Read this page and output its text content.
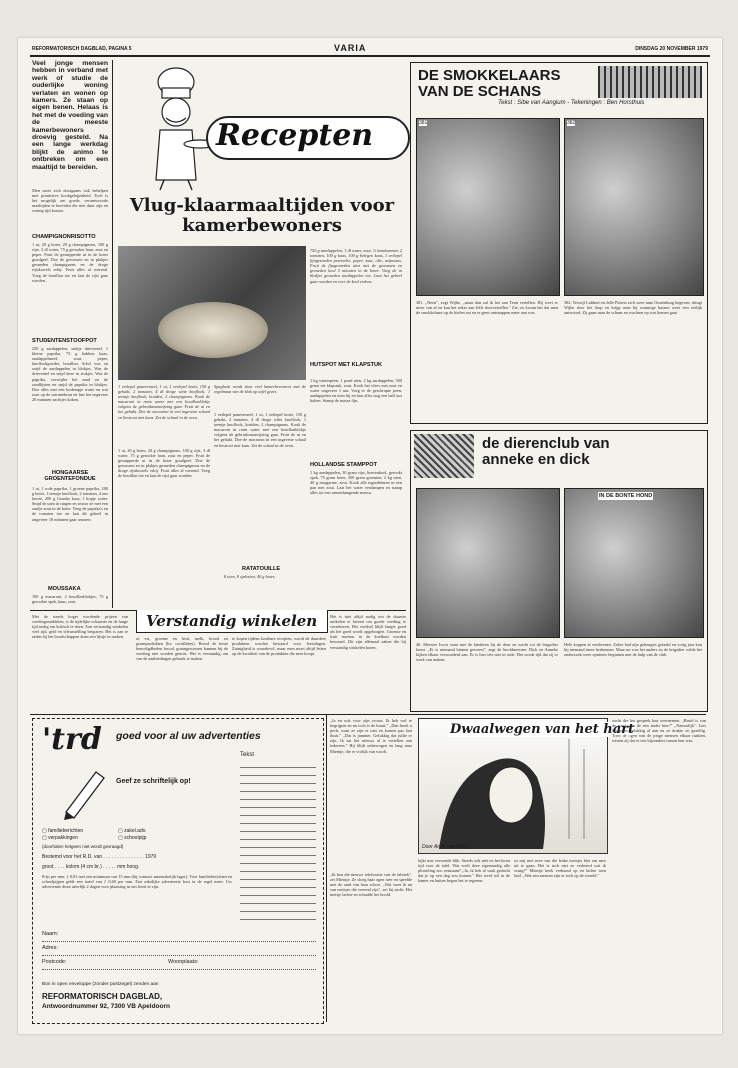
REFORMATORISCH DAGBLAD, PAGINA 5	VARIA	DINSDAG 20 NOVEMBER 1979
Veel jonge mensen hebben in verband met werk of studie de ouderlijke woning verlaten en wonen op kamers. Ze staan op eigen benen. Helaas is het met de voeding van de meeste kamerbewoners droevig gesteld. Na een lange werkdag blijkt de animo te ontbreken om een maaltijd te bereiden.
Men moet zich doorgaans ook behelpen met primitieve kookgelegenheid. Toch is het mogelijk om goede, verantwoorde maaltijden te bereiden die niet duur zijn en weinig tijd kosten.
CHAMPIGNONRISOTTO
1 ui, 20 g boter, 20 g champignons, 100 g rijst, 3 dl water, 75 g gerookte ham, zout en peper. Fruit de gesnipperde ui in de boter goudgeel. Doe de gewassen en in plakjes gesneden champignons en de droge rijstkorrels erbij. Fruit alles al roerend. Voeg de bouillon toe en laat de rijst gaar worden.
STUDENTENSTOOFPOT
250 g aardappelen, stukje drieventel, 1 kleine paprika, 75 g bakken kaas, aardappelmeel, zout, peper, knoflookpoeder, bouillon. Schil was en snijd de aardappelen in blokjes. Was de drieventel en snijd deze in stukjes. Was de paprika, verwijder het zaad en de zaadlijsten en snijd de paprika in blokjes. Doe alles met een bodempje water en wat zout op de warmtebron en laat het ongeveer 20 minuten zachtjes koken.
HONGAARSE GROENTEFONDUE
1 ui, 1 rode paprika, 1 groene paprika, 200 g boter, 1 teentje knoflook, 2 tomaten, 4 ons kerrie, 200 g Goudse kaas, 1 kopje water. Snijd de uien in ringen en smoor ze met een snufje zout in de boter. Voeg de paprika's en de tomaten toe en laat dit geheel in ongeveer 10 minuten gaar smoren.
MOUSSAKA
100 g macaroni, 2 bouillonblokjes, 75 g gerookte spek, kaas, zout.
Recepten
Vlug-klaarmaaltijden voor kamerbewoners
1 eetlepel paneermeel, 1 ui, 1 eetlepel boter, 150 g gehakt, 2 tomaten, 4 dl droge witte knoflook, 1 teentje knoflook, kruiden, 2 champignons. Kook de macaroni in ruim water met een bouillonblokje volgens de gebruiksaanwijzing gaar. Fruit de ui en het gehakt. Doe de macaroni in een ingevette schaal en bestrooi met kaas. Zet de schaal in de oven.
Spaghetti wordt door veel kamerbewoners met de regelmaat van de klok op tafel gezet.
1 eetlepel paneermeel, 1 ui, 1 eetlepel boter, 150 g gehakt, 2 tomaten, 4 dl droge witte knoflook, 1 teentje knoflook, kruiden, 2 champignons. Kook de macaroni in ruim water met een bouillonblokje volgens de gebruiksaanwijzing gaar. Fruit de ui en het gehakt. Doe de macaroni in een ingevette schaal en bestrooi met kaas. Zet de schaal in de oven.
1 ui, 20 g boter, 20 g champignons, 100 g rijst, 3 dl water, 75 g gerookte ham, zout en peper. Fruit de gesnipperde ui in de boter goudgeel. Doe de gewassen en in plakjes gesneden champignons en de droge rijstkorrels erbij. Fruit alles al roerend. Voeg de bouillon toe en laat de rijst gaar worden.
750 g aardappelen, 1 dl water, zout, ½ komkommer, 2 tomaten, 100 g kaas, 100 g belegen kaas, 1 eetlepel fijngesneden peterselie, peper, zout, olie, azijnsaus. Fruit de fijngesneden uien met de gewassen en gesneden kool 5 minuten in de boter. Voeg de in blokjes gesneden aardappelen toe. Laat het geheel gaar worden en roer de kool erdoor.
HUTSPOT MET KLAPSTUK
1 kg winterpeen, 1 pond uien, 2 kg aardappelen, 500 gram vet klapstuk, zout. Kook het vlees met zout en water ongeveer 1 uur. Voeg er de geschrapte peen, aardappelen en uien bij en laat alles nog een half uur koken. Stamp de massa fijn.
HOLLANDSE STAMPPOT
1 kg aardappelen, 30 gram rijst, boerenkool, gerookt spek, 75 gram boter, 500 gram groenten, 2 kg uien, 40 g margarine, zout. Kook alle ingrediënten in een pan met zout. Laat het water verdampen en stamp alles tot een samenhangende massa.
RATATOUILLE
8 uien, 8 sjalotten, 40 g boter,
DE SMOKKELAARS VAN DE SCHANS
Tekst : Sibe van Aangium - Tekeningen : Ben Horsthuis
381	382
381. „Neen", zegt Wijbe, „maar dan zal ik het aan Teun vertellen. Hij weet er meer van af en kan het zeker aan Jelle doorvertellen." Zie, zo kwam het dat men de smokkelaars op de hielen zat en er geen ontsnappen meer aan was.
382. Terwijl Lubbert en Jelle Pieters zich weer naar Oostenburg begeven, dringt Wijbe door het dorp en krijgt men bij sommige huizen weer een eerlijk antwoord. Zij gaan naar de schans en wachten op wat komen gaat.
de dierenclub van anneke en dick
IN DE BONTE HOND
40. Meester Ivoor staat met de kinderen bij de deur en wacht tot de brigadier komt. „Er is niemand binnen geweest", zegt de hoofdmeester. Dick en Anneke kijken elkaar verwonderd aan. Er is hier iets niet in orde. Het wordt tijd dat zij er werk van maken.
Hele koppen al verdwenen. Zeker had zijn geheugen gefaald en vorig jaar kon hij niemand meer herkennen. Maar nu was het anders en de brigadier wilde het onderzoek weer opnieuw beginnen met de hulp van de club.
Verstandig winkelen
Met de steeds hoger wordende prijzen van voedingsmiddelen, is de tijdelijke schaarste en de lange tijd nodig om kritisch te doen. Aan verstandig winkelen veel tijd, geld en teleurstelling besparen. Het is aan te raden bij het boodschappen doen een lijstje te maken.	of vis, groente en fruit, melk, brood en graanprodukten (bv. cornflakes). Brood de beste benodigdheden brood, graangewassen kunnen bij de voeding niet worden gemist. Het is verstandig om van de aanbiedingen gebruik te maken.
te kopen tijdens kostbare recepten, wordt de duurdere produkten worden bewaard voor feestdagen. Zuinigheid is waardevol, maar men moet altijd letten op de kwaliteit van de produkten die men koopt.
Het is niet altijd nodig om de duurste artikelen te kiezen om goede voeding te verzekeren. Het voedsel blijft langer goed als het goed wordt opgeborgen. Groente en fruit moeten in de koelkast worden bewaard. Dit zijn allemaal zaken die bij verstandig winkelen horen.
'trd goed voor al uw advertenties
Tekst
Geef ze schriftelijk op!
▢ familieberichten
▢ verpakkingen
▢ zakel.adv.
▢ schoolpijp
(doorhalen hetgeen niet wordt gevraagd)
Bestemd voor het R.D. van . . . . . . . . . . . . . . . 1979
groot . . . . kolom (4 cm br.) . . . . . mm hoog.
Prijs per mm: ƒ 0,81 met een minimum van 15 mm (bij contract aanmerkelijk lager). Voor familieberichten en schoolpijpen geldt een tarief van ƒ 0,60 per mm. Een zakelijke advertentie kost in de regel meer. Uw advertentie dient uiterlijk 2 dagen voor plaatsing in ons bezit te zijn.
Naam:
Adres:
Postcode:	Woonplaats:
Bon in open enveloppe (zonder postzegel) zenden aan
REFORMATORISCH DAGBLAD,
Antwoordnummer 92, 7300 VB Apeldoorn
„Ja en ook voor zijn vrouw. Ik heb wel te begrijpen en nu toch is de buurt." „Dan hoeft u pech, want ze zijn er niet en komen pas laat thuis." „Dat is jammer. Gelukkig dat jullie er zijn. Ik zat het nieuws al te vertellen aan iedereen." Hij blijft onbewogen en lang naar Mientje, die er vrolijk van wordt.
„Ik ben die nieuwe telefoniste van de fabriek", zei Mientje. Ze sloeg haar ogen neer en speelde met de rand van haar schort. „Wat weet ik nu van meisjes die vreemd zijn", zei hij zacht. Het meisje lachte en schudde het hoofd.
Dwaalwegen van het hart
Door Ariën van Rooy
kijkt met verwende blik. Steeds ook niet en het komt tijd voor de tafel. Wat voelt deze eigenaardig alle plotseling zoo eenzaam? „Ja, ik heb al vaak gedacht dat je op een dag zou komen." Het werd stil in de kamer en buiten begon het te regenen.
zo mij met twee van die leuke meisjes hier om mee uit te gaan. Het is toch niet zo verkeerd wat ik vraag?" Mientje keek verbaasd op en lachte toen luid. „Wat een mensen zijn er toch op de wereld."
zocht die het gesprek kon overnemen. „Bruid is van de natuur en de een ander hier?" „Natuurlijk". Lies kwam er gelukkig al aan en ze drukte zo gezellig. Toen de ogen van de jonge mensen elkaar raakten, wisten zij dat er iets bijzonders tussen hen was.
